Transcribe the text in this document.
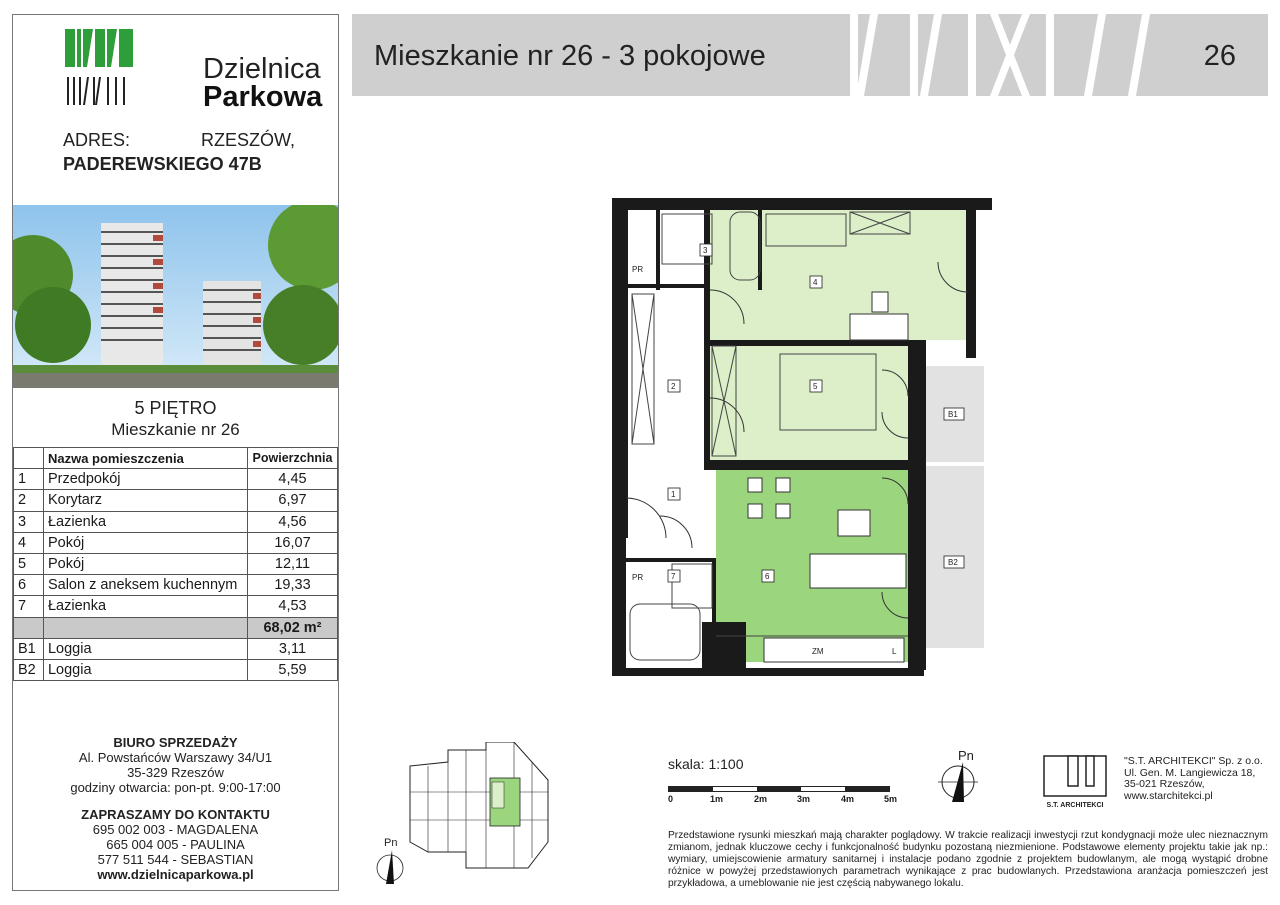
Dzielnica
Parkowa
ADRES:	RZESZÓW,
PADEREWSKIEGO 47B
5 PIĘTRO
Mieszkanie nr 26
	Nazwa pomieszczenia	Powierzchnia
1	Przedpokój	4,45
2	Korytarz	6,97
3	Łazienka	4,56
4	Pokój	16,07
5	Pokój	12,11
6	Salon z aneksem kuchennym	19,33
7	Łazienka	4,53
		68,02 m²
B1	Loggia	3,11
B2	Loggia	5,59
BIURO SPRZEDAŻY
Al. Powstańców Warszawy 34/U1
35-329 Rzeszów
godziny otwarcia: pon-pt. 9:00-17:00
ZAPRASZAMY DO KONTAKTU
695 002 003 - MAGDALENA
665 004 005 - PAULINA
577 511 544 - SEBASTIAN
www.dzielnicaparkowa.pl
Mieszkanie nr 26 - 3 pokojowe	26
3
4
5
2
1
6
7
B1
B2
PR
PR
ZM	L
Pn
Pn
skala: 1:100
0	1m	2m	3m	4m	5m
S.T. ARCHITEKCI
"S.T. ARCHITEKCI" Sp. z o.o.
Ul. Gen. M. Langiewicza 18,
35-021 Rzeszów,
www.starchitekci.pl
Przedstawione rysunki mieszkań mają charakter poglądowy. W trakcie realizacji inwestycji rzut kondygnacji może ulec nieznacznym zmianom, jednak kluczowe cechy i funkcjonalność budynku pozostaną niezmienione. Podstawowe elementy projektu takie jak np.: wymiary, umiejscowienie armatury sanitarnej i instalacje podano zgodnie z projektem budowlanym, ale mogą wystąpić drobne różnice w powyżej przedstawionych parametrach wynikające z prac budowlanych. Przedstawiona aranżacja pomieszczeń jest przykładowa, a umeblowanie nie jest częścią nabywanego lokalu.
